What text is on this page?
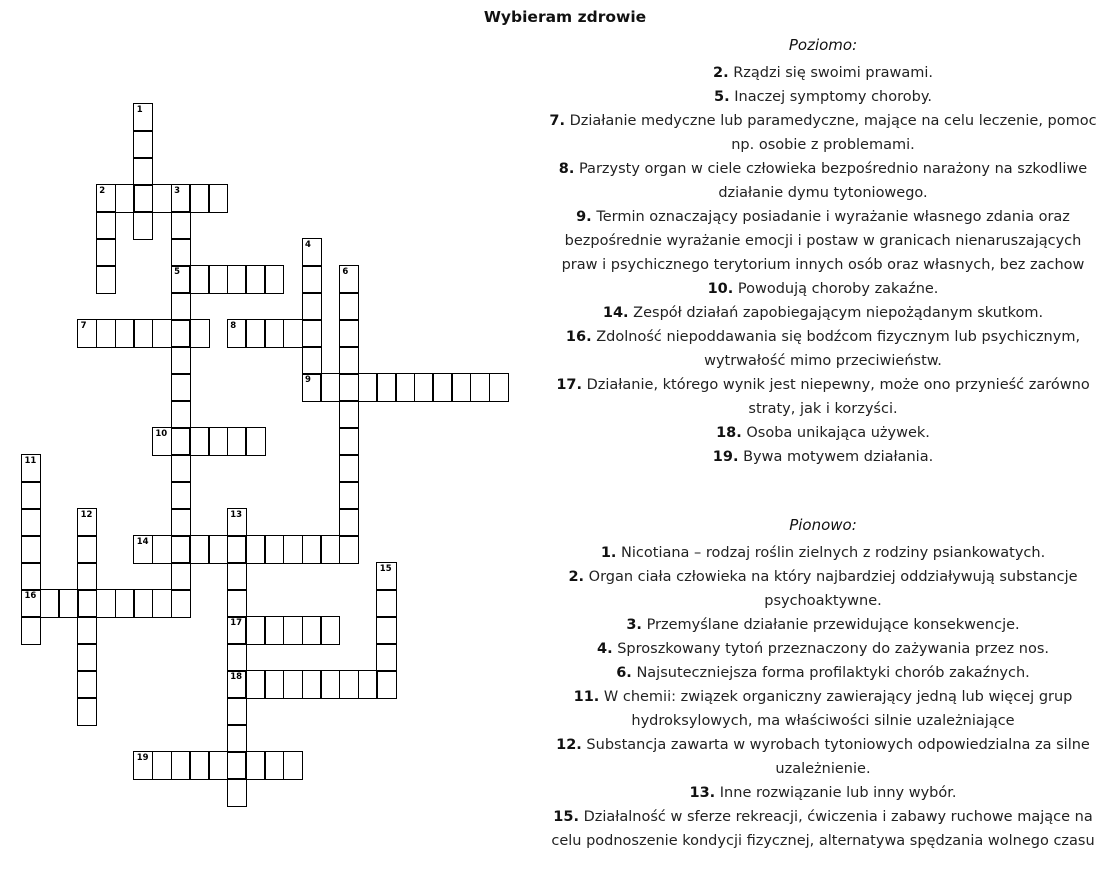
Wybieram zdrowie
1
2	3
5
4
9
6
7	8
10
11
16
12	13
17
18
14
15
19
Poziomo:
2. Rządzi się swoimi prawami.
5. Inaczej symptomy choroby.
7. Działanie medyczne lub paramedyczne, mające na celu leczenie, pomoc
np. osobie z problemami.
8. Parzysty organ w ciele człowieka bezpośrednio narażony na szkodliwe
działanie dymu tytoniowego.
9. Termin oznaczający posiadanie i wyrażanie własnego zdania oraz
bezpośrednie wyrażanie emocji i postaw w granicach nienaruszających
praw i psychicznego terytorium innych osób oraz własnych, bez zachow
10. Powodują choroby zakaźne.
14. Zespół działań zapobiegającym niepożądanym skutkom.
16. Zdolność niepoddawania się bodźcom fizycznym lub psychicznym,
wytrwałość mimo przeciwieństw.
17. Działanie, którego wynik jest niepewny, może ono przynieść zarówno
straty, jak i korzyści.
18. Osoba unikająca używek.
19. Bywa motywem działania.
Pionowo:
1. Nicotiana – rodzaj roślin zielnych z rodziny psiankowatych.
2. Organ ciała człowieka na który najbardziej oddziaływują substancje
psychoaktywne.
3. Przemyślane działanie przewidujące konsekwencje.
4. Sproszkowany tytoń przeznaczony do zażywania przez nos.
6. Najsuteczniejsza forma profilaktyki chorób zakaźnych.
11. W chemii: związek organiczny zawierający jedną lub więcej grup
hydroksylowych, ma właściwości silnie uzależniające
12. Substancja zawarta w wyrobach tytoniowych odpowiedzialna za silne
uzależnienie.
13. Inne rozwiązanie lub inny wybór.
15. Działalność w sferze rekreacji, ćwiczenia i zabawy ruchowe mające na
celu podnoszenie kondycji fizycznej, alternatywa spędzania wolnego czasu
